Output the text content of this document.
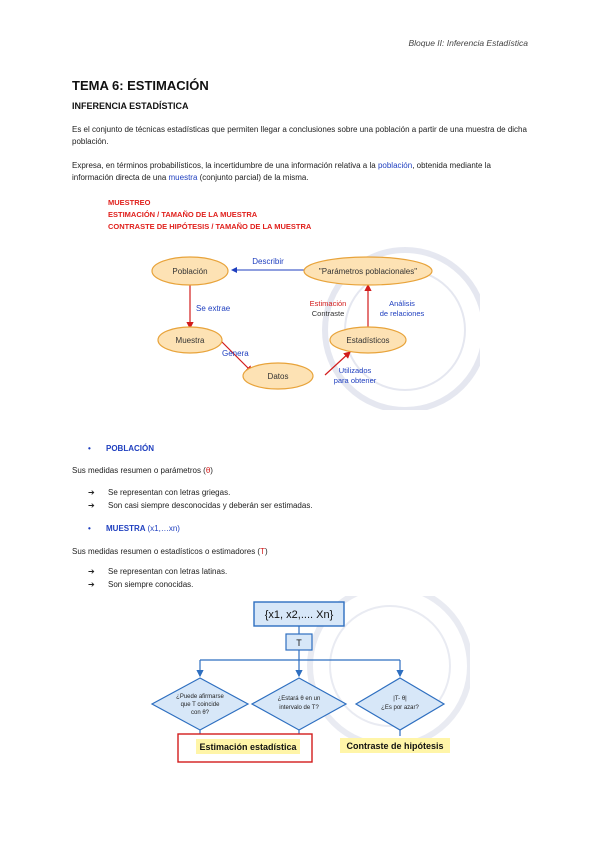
Bloque II: Inferencia Estadística
TEMA 6: ESTIMACIÓN
INFERENCIA ESTADÍSTICA
Es el conjunto de técnicas estadísticas que permiten llegar a conclusiones sobre una población a partir de una muestra de dicha población.
Expresa, en términos probabilísticos, la incertidumbre de una información relativa a la población, obtenida mediante la información directa de una muestra (conjunto parcial) de la misma.
MUESTREO
ESTIMACIÓN / TAMAÑO DE LA MUESTRA
CONTRASTE DE HIPÓTESIS / TAMAÑO DE LA MUESTRA
Población	"Parámetros poblacionales"
Muestra	Estadísticos
Datos
Describir
Se extrae
Genera
Estimación
Contraste
Análisis
de relaciones
Utilizados
para obtener
• POBLACIÓN
Sus medidas resumen o parámetros (θ)
➔ Se representan con letras griegas.
➔ Son casi siempre desconocidas y deberán ser estimadas.
• MUESTRA (x1,…xn)
Sus medidas resumen o estadísticos o estimadores (T)
➔ Se representan con letras latinas.
➔ Son siempre conocidas.
{x1, x2,.... Xn}
T
¿Puede afirmarse
que T coincide
con θ?
¿Estará θ en un
intervalo de T?
|T- θ|
¿Es por azar?
Estimación estadística	Contraste de hipótesis
